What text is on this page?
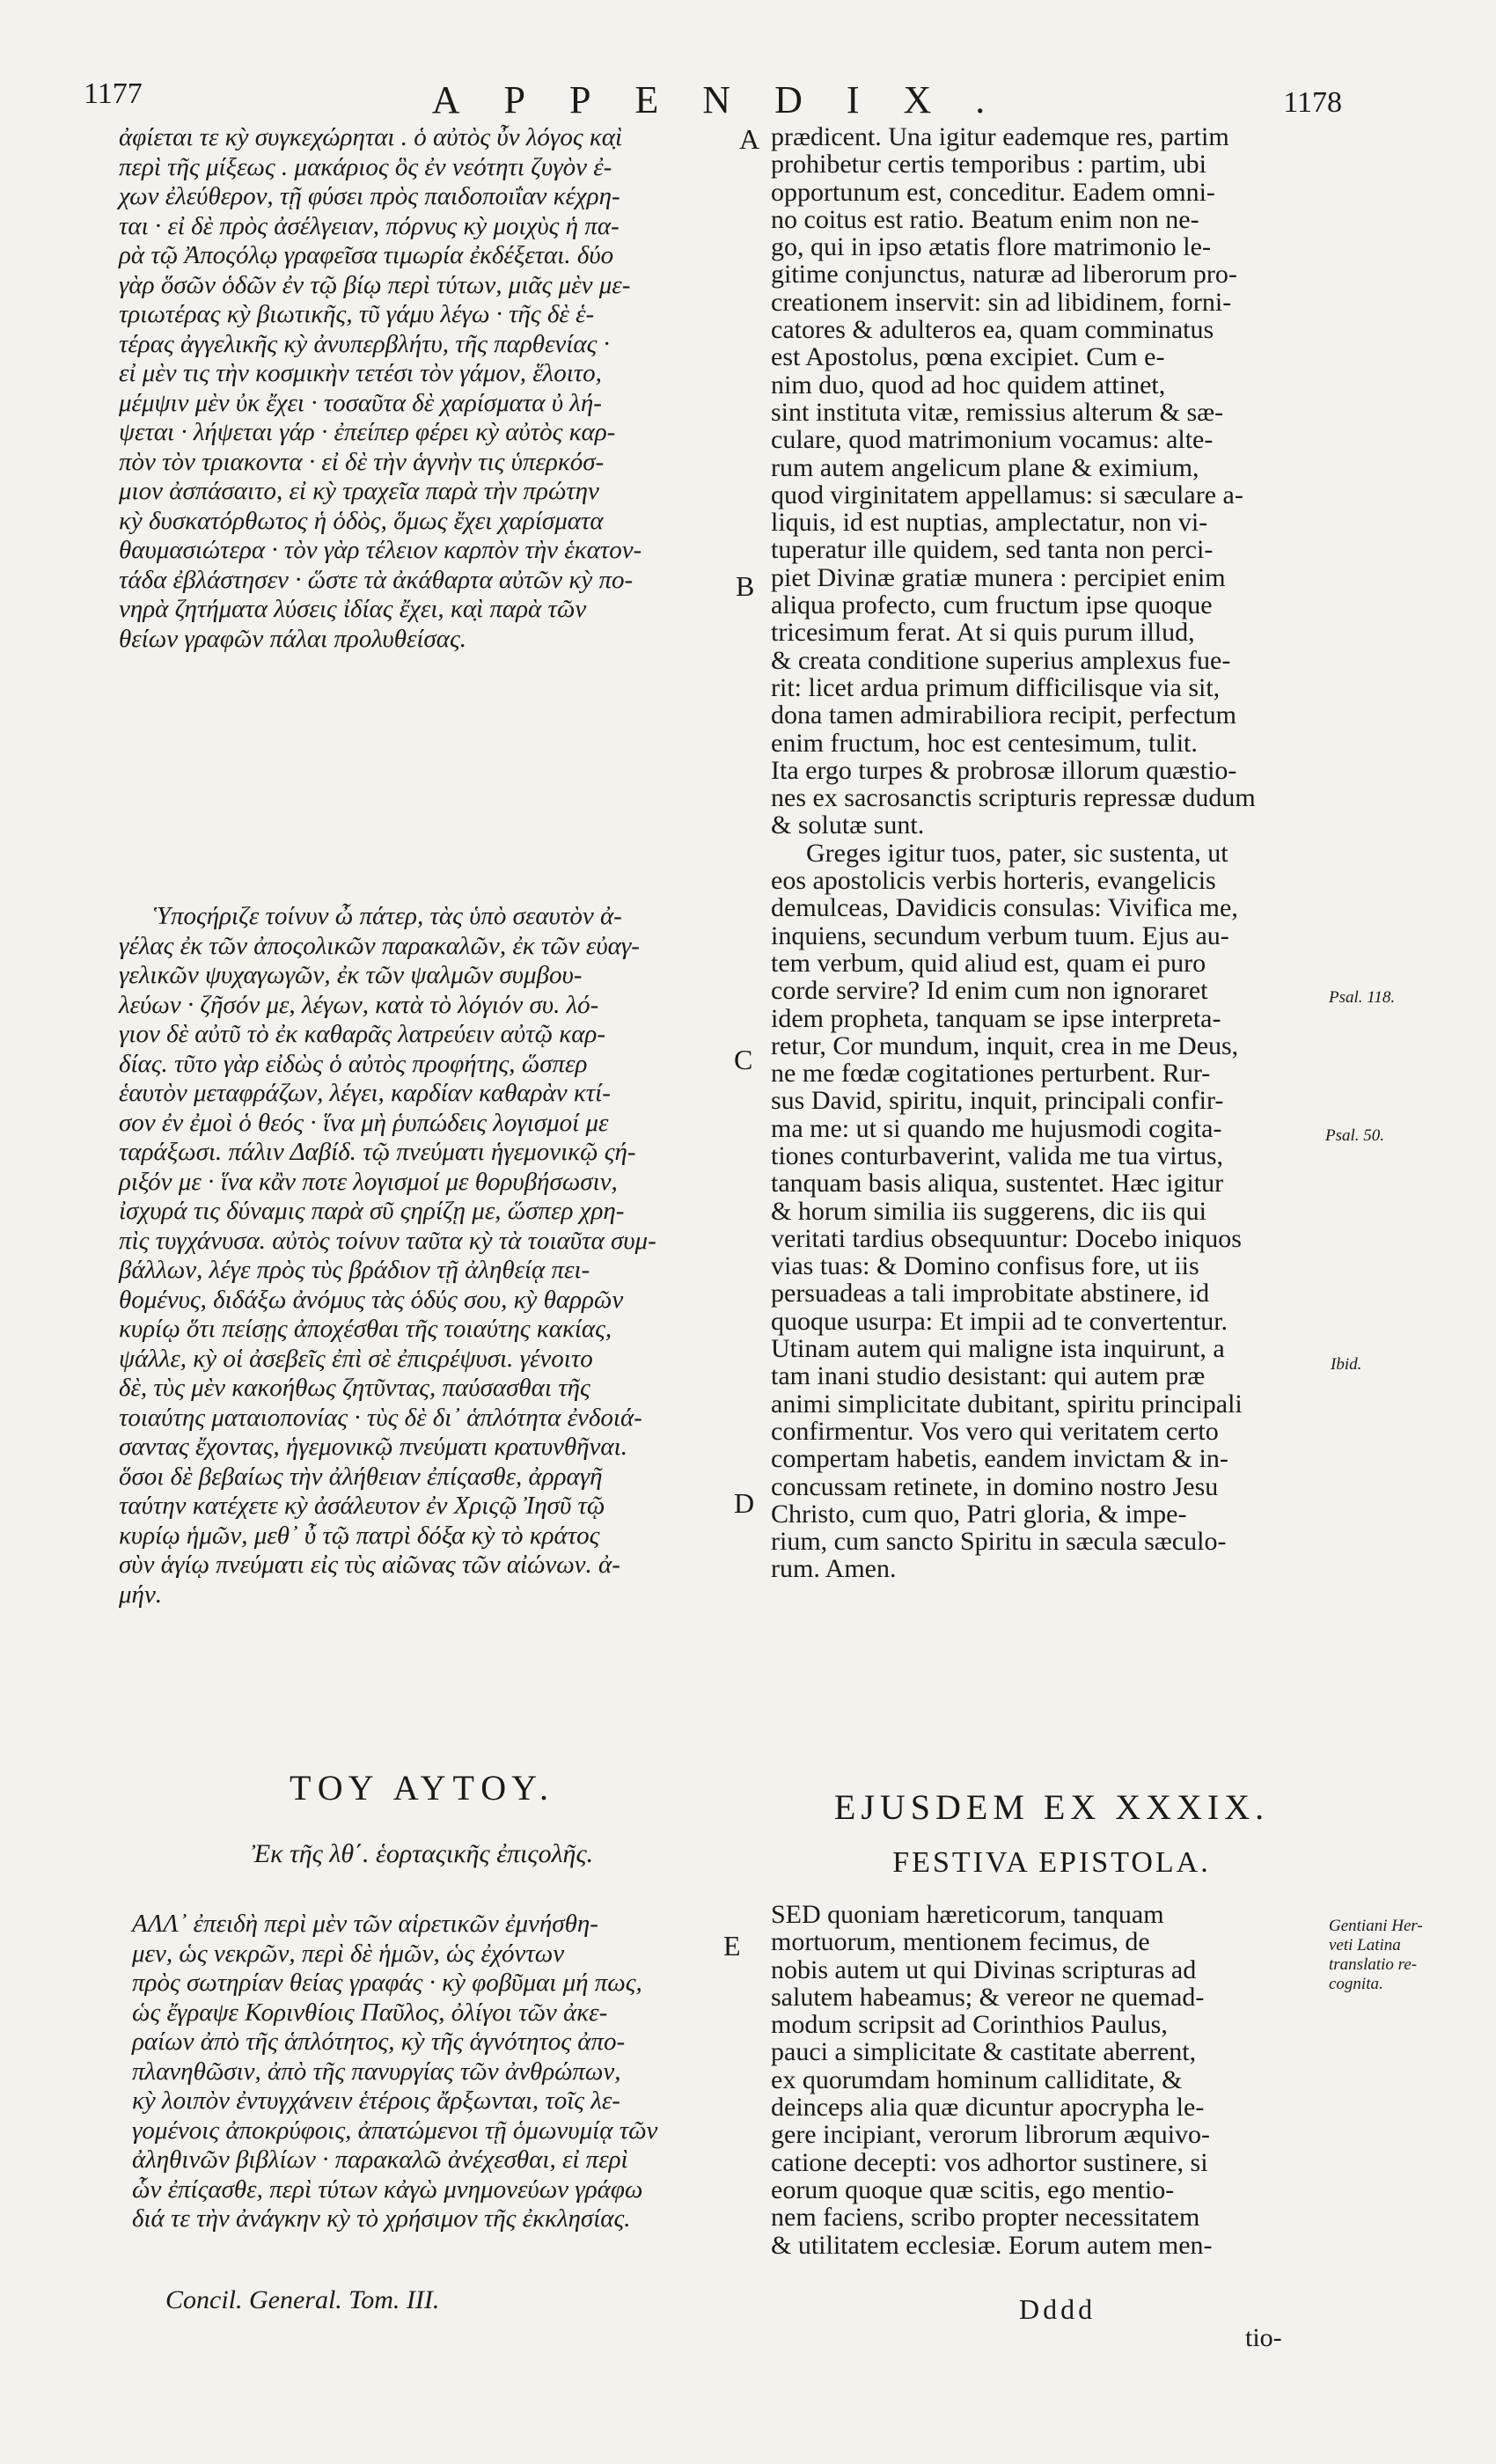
1177	APPENDIX.	1178
ἀφίεται τε κỳ συγκεχώρηται . ὁ αὐτὸς ὖν λόγος κα̣ὶ
περὶ τῆς μίξεως . μακάριος ὃς ἐν νεότητι ζυγὸν ἐ-
χων ἐλεύθερον, τῇ φύσει πρὸς παιδοποιΐαν κέχρη-
ται · εἰ δὲ πρὸς ἀσέλγειαν, πόρνυς κỳ μοιχὺς ἡ πα-
ρὰ τῷ Ἀποςόλῳ γραφεῖσα τιμωρία ἐκδέξεται. δύο
γὰρ ὅσῶν ὁδῶν ἐν τῷ βίῳ περὶ τύτων, μιᾶς μὲν με-
τριωτέρας κỳ βιωτικῆς, τῦ γάμυ λέγω · τῆς δὲ ἑ-
τέρας ἀγγελικῆς κỳ ἀνυπερβλήτυ, τῆς παρθενίας ·
εἰ μὲν τις τὴν κοσμικὴν τετέσι τὸν γάμον, ἕλοιτο,
μέμψιν μὲν ὐκ ἔχει · τοσαῦτα δὲ χαρίσματα ὐ λή-
ψεται · λήψεται γάρ · ἐπείπερ φέρει κỳ αὐτὸς καρ-
πὸν τὸν τριακοντα · εἰ δὲ τὴν ἁγνὴν τις ὑπερκόσ-
μιον ἀσπάσαιτο, εἰ κỳ τραχεῖα παρὰ τὴν πρώτην
κỳ δυσκατόρθωτος ἡ ὁδὸς, ὅμως ἔχει χαρίσματα
θαυμασιώτερα · τὸν γὰρ τέλειον καρπὸν τὴν ἑκατον-
τάδα ἐβλάστησεν · ὥστε τὰ ἀκάθαρτα αὐτῶν κỳ πο-
νηρὰ ζητήματα λύσεις ἰδίας ἔχει, κα̣ὶ παρὰ τῶν
θείων γραφῶν πάλαι προλυθείσας.
Ὑποςήριζε τοίνυν ὦ πάτερ, τὰς ὑπὸ σεαυτὸν ἀ-
γέλας ἐκ τῶν ἀποςολικῶν παρακαλῶν, ἐκ τῶν εὐαγ-
γελικῶν ψυχαγωγῶν, ἐκ τῶν ψαλμῶν συμβου-
λεύων · ζῆσόν με, λέγων, κατὰ τὸ λόγιόν συ. λό-
γιον δὲ αὐτῦ τὸ ἐκ καθαρᾶς λατρεύειν αὐτῷ καρ-
δίας. τῦτο γὰρ εἰδὼς ὁ αὐτὸς προφήτης, ὥσπερ
ἑαυτὸν μεταφράζων, λέγει, καρδίαν καθαρὰν κτί-
σον ἐν ἐμοὶ ὁ θεός · ἵνα μὴ ῥυπώδεις λογισμοί με
ταράξωσι. πάλιν Δαβίδ. τῷ πνεύματι ἡγεμονικῷ ςή-
ριξόν με · ἵνα κἂν ποτε λογισμοί με θορυβήσωσιν,
ἰσχυρά τις δύναμις παρὰ σῦ ςηρίζῃ με, ὥσπερ χρη-
πὶς τυγχάνυσα. αὐτὸς τοίνυν ταῦτα κỳ τὰ τοιαῦτα συμ-
βάλλων, λέγε πρὸς τὺς βράδιον τῇ ἀληθείᾳ πει-
θομένυς, διδάξω ἀνόμυς τὰς ὁδύς σου, κỳ θαρρῶν
κυρίῳ ὅτι πείσῃς ἀποχέσθαι τῆς τοιαύτης κακίας,
ψάλλε, κỳ οἱ ἀσεβεῖς ἐπὶ σὲ ἐπιςρέψυσι. γένοιτο
δὲ, τὺς μὲν κακοήθως ζητῦντας, παύσασθαι τῆς
τοιαύτης ματαιοπονίας · τὺς δὲ δι᾽ ἁπλότητα ἐνδοιά-
σαντας ἔχοντας, ἡγεμονικῷ πνεύματι κρατυνθῆναι.
ὅσοι δὲ βεβαίως τὴν ἀλήθειαν ἐπίςασθε, ἀρραγῆ
ταύτην κατέχετε κỳ ἀσάλευτον ἐν Χριςῷ Ἰησῦ τῷ
κυρίῳ ἡμῶν, μεθ᾽ ὖ τῷ πατρὶ δόξα κỳ τὸ κράτος
σὺν ἁγίῳ πνεύματι εἰς τὺς αἰῶνας τῶν αἰώνων. ἀ-
μήν.
ΤΟΥ ΑΥΤΟΥ.
Ἐκ τῆς λθ΄. ἑορταςικῆς ἐπιςολῆς.
ΑΛΛ᾽ ἐπειδὴ περὶ μὲν τῶν αἱρετικῶν ἐμνήσθη-
μεν, ὡς νεκρῶν, περὶ δὲ ἡμῶν, ὡς ἐχόντων
πρὸς σωτηρίαν θείας γραφάς · κỳ φοβῦμαι μή πως,
ὡς ἔγραψε Κορινθίοις Παῦλος, ὀλίγοι τῶν ἀκε-
ραίων ἀπὸ τῆς ἁπλότητος, κỳ τῆς ἁγνότητος ἀπο-
πλανηθῶσιν, ἀπὸ τῆς πανυργίας τῶν ἀνθρώπων,
κỳ λοιπὸν ἐντυγχάνειν ἑτέροις ἄρξωνται, τοῖς λε-
γομένοις ἀποκρύφοις, ἀπατώμενοι τῇ ὁμωνυμίᾳ τῶν
ἀληθινῶν βιβλίων · παρακαλῶ ἀνέχεσθαι, εἰ περὶ
ὧν ἐπίςασθε, περὶ τύτων κἀγὼ μνημονεύων γράφω
διά τε τὴν ἀνάγκην κỳ τὸ χρήσιμον τῆς ἐκκλησίας.
Concil. General. Tom. III.
prædicent. Una igitur eademque res, partim
prohibetur certis temporibus : partim, ubi
opportunum est, conceditur. Eadem omni-
no coitus est ratio. Beatum enim non ne-
go, qui in ipso ætatis flore matrimonio le-
gitime conjunctus, naturæ ad liberorum pro-
creationem inservit: sin ad libidinem, forni-
catores & adulteros ea, quam comminatus
est Apostolus, pœna excipiet. Cum e-
nim duo, quod ad hoc quidem attinet,
sint instituta vitæ, remissius alterum & sæ-
culare, quod matrimonium vocamus: alte-
rum autem angelicum plane & eximium,
quod virginitatem appellamus: si sæculare a-
liquis, id est nuptias, amplectatur, non vi-
tuperatur ille quidem, sed tanta non perci-
piet Divinæ gratiæ munera : percipiet enim
aliqua profecto, cum fructum ipse quoque
tricesimum ferat. At si quis purum illud,
& creata conditione superius amplexus fue-
rit: licet ardua primum difficilisque via sit,
dona tamen admirabiliora recipit, perfectum
enim fructum, hoc est centesimum, tulit.
Ita ergo turpes & probrosæ illorum quæstio-
nes ex sacrosanctis scripturis repressæ dudum
& solutæ sunt.
Greges igitur tuos, pater, sic sustenta, ut
eos apostolicis verbis horteris, evangelicis
demulceas, Davidicis consulas: Vivifica me,
inquiens, secundum verbum tuum. Ejus au-
tem verbum, quid aliud est, quam ei puro
corde servire? Id enim cum non ignoraret
idem propheta, tanquam se ipse interpreta-
retur, Cor mundum, inquit, crea in me Deus,
ne me fœdæ cogitationes perturbent. Rur-
sus David, spiritu, inquit, principali confir-
ma me: ut si quando me hujusmodi cogita-
tiones conturbaverint, valida me tua virtus,
tanquam basis aliqua, sustentet. Hæc igitur
& horum similia iis suggerens, dic iis qui
veritati tardius obsequuntur: Docebo iniquos
vias tuas: & Domino confisus fore, ut iis
persuadeas a tali improbitate abstinere, id
quoque usurpa: Et impii ad te convertentur.
Utinam autem qui maligne ista inquirunt, a
tam inani studio desistant: qui autem præ
animi simplicitate dubitant, spiritu principali
confirmentur. Vos vero qui veritatem certo
compertam habetis, eandem invictam & in-
concussam retinete, in domino nostro Jesu
Christo, cum quo, Patri gloria, & impe-
rium, cum sancto Spiritu in sæcula sæculo-
rum. Amen.
EJUSDEM EX XXXIX.
FESTIVA EPISTOLA.
SED quoniam hæreticorum, tanquam
mortuorum, mentionem fecimus, de
nobis autem ut qui Divinas scripturas ad
salutem habeamus; & vereor ne quemad-
modum scripsit ad Corinthios Paulus,
pauci a simplicitate & castitate aberrent,
ex quorumdam hominum calliditate, &
deinceps alia quæ dicuntur apocrypha le-
gere incipiant, verorum librorum æquivo-
catione decepti: vos adhortor sustinere, si
eorum quoque quæ scitis, ego mentio-
nem faciens, scribo propter necessitatem
& utilitatem ecclesiæ. Eorum autem men-
Dddd
tio-
A
B
C
D
E
Psal. 118.
Psal. 50.
Ibid.
Gentiani Her-
veti Latina
translatio re-
cognita.
